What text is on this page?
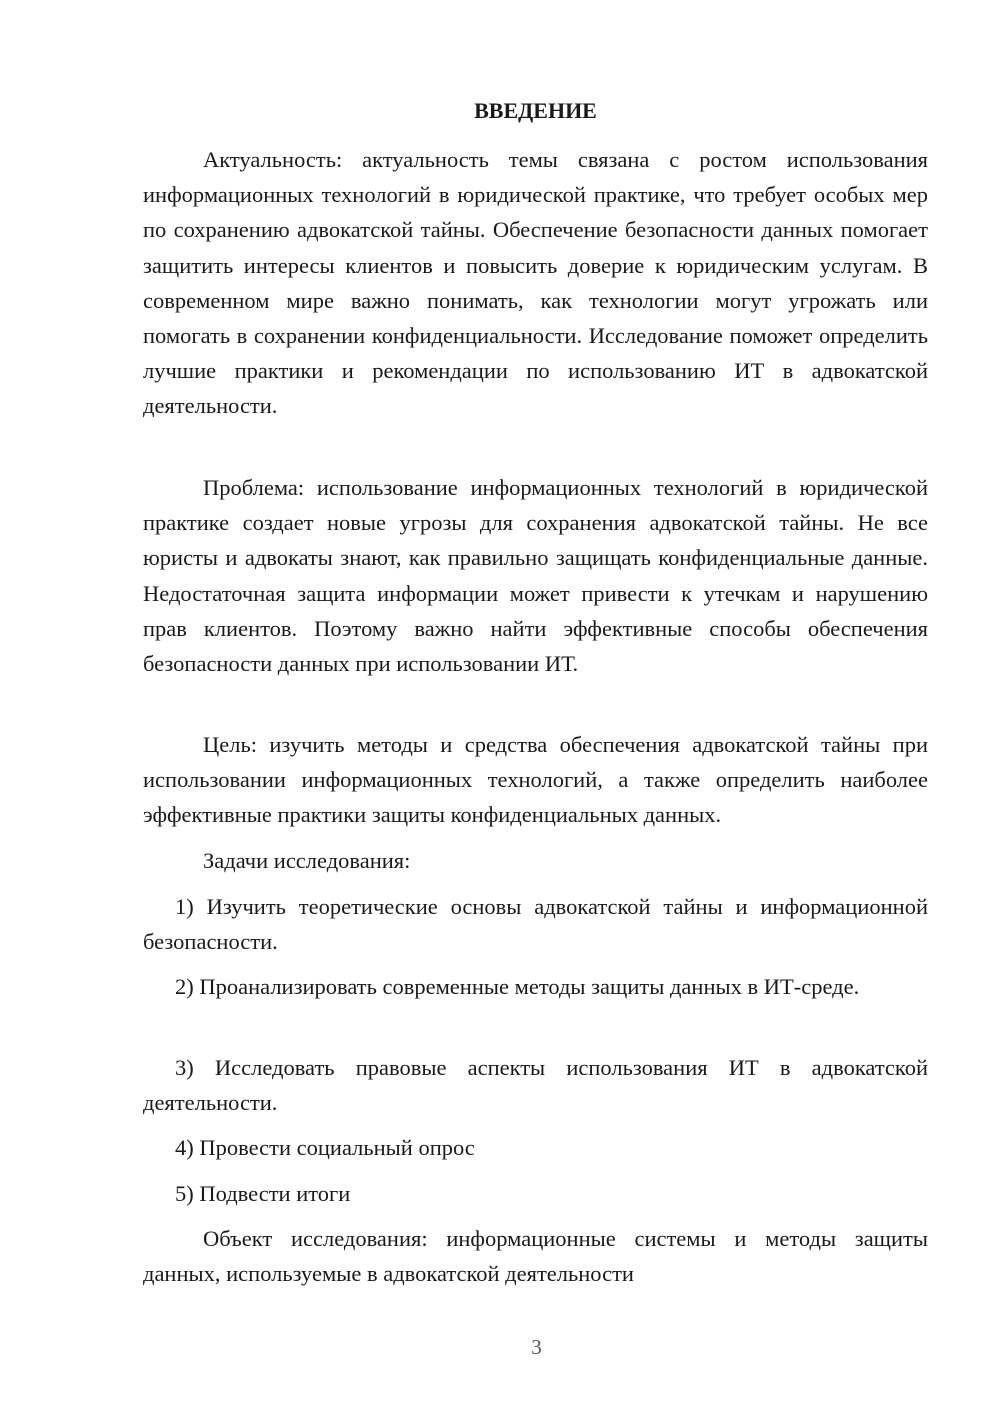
ВВЕДЕНИЕ

Актуальность: актуальность темы связана с ростом использования информационных технологий в юридической практике, что требует особых мер по сохранению адвокатской тайны. Обеспечение безопасности данных помогает защитить интересы клиентов и повысить доверие к юридическим услугам. В современном мире важно понимать, как технологии могут угрожать или помогать в сохранении конфиденциальности. Исследование поможет определить лучшие практики и рекомендации по использованию ИТ в адвокатской деятельности.

Проблема: использование информационных технологий в юридической практике создает новые угрозы для сохранения адвокатской тайны. Не все юристы и адвокаты знают, как правильно защищать конфиденциальные данные. Недостаточная защита информации может привести к утечкам и нарушению прав клиентов. Поэтому важно найти эффективные способы обеспечения безопасности данных при использовании ИТ.

Цель: изучить методы и средства обеспечения адвокатской тайны при использовании информационных технологий, а также определить наиболее эффективные практики защиты конфиденциальных данных.

Задачи исследования:

1) Изучить теоретические основы адвокатской тайны и информационной безопасности.

2) Проанализировать современные методы защиты данных в ИТ-среде.

3) Исследовать правовые аспекты использования ИТ в адвокатской деятельности.

4) Провести социальный опрос

5) Подвести итоги

Объект исследования: информационные системы и методы защиты данных, используемые в адвокатской деятельности

3
